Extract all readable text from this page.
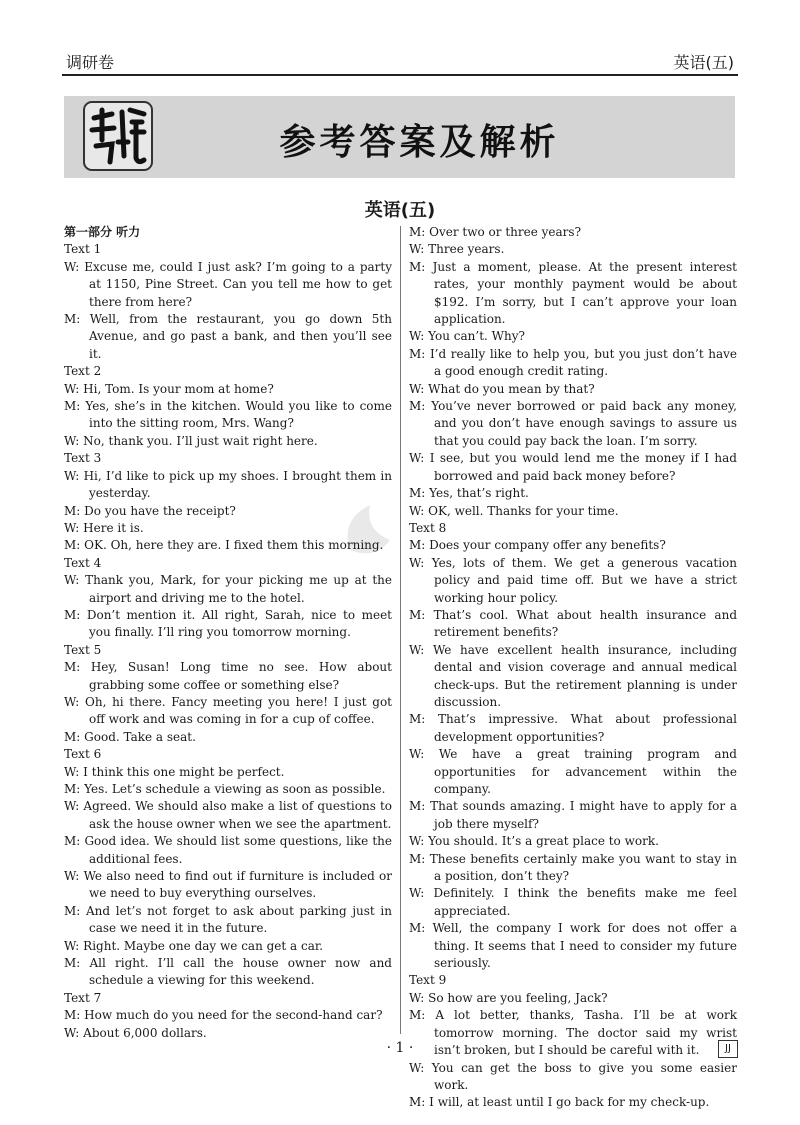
调研卷	英语(五)
参考答案及解析
英语(五)

第一部分 听力

Text 1

W: Excuse me, could I just ask? I’m going to a party at 1150, Pine Street. Can you tell me how to get there from here?

M: Well, from the restaurant, you go down 5th Avenue, and go past a bank, and then you’ll see it.

Text 2

W: Hi, Tom. Is your mom at home?

M: Yes, she’s in the kitchen. Would you like to come into the sitting room, Mrs. Wang?

W: No, thank you. I’ll just wait right here.

Text 3

W: Hi, I’d like to pick up my shoes. I brought them in yesterday.

M: Do you have the receipt?

W: Here it is.

M: OK. Oh, here they are. I fixed them this morning.

Text 4

W: Thank you, Mark, for your picking me up at the airport and driving me to the hotel.

M: Don’t mention it. All right, Sarah, nice to meet you finally. I’ll ring you tomorrow morning.

Text 5

M: Hey, Susan! Long time no see. How about grabbing some coffee or something else?

W: Oh, hi there. Fancy meeting you here! I just got off work and was coming in for a cup of coffee.

M: Good. Take a seat.

Text 6

W: I think this one might be perfect.

M: Yes. Let’s schedule a viewing as soon as possible.

W: Agreed. We should also make a list of questions to ask the house owner when we see the apartment.

M: Good idea. We should list some questions, like the additional fees.

W: We also need to find out if furniture is included or we need to buy everything ourselves.

M: And let’s not forget to ask about parking just in case we need it in the future.

W: Right. Maybe one day we can get a car.

M: All right. I’ll call the house owner now and schedule a viewing for this weekend.

Text 7

M: How much do you need for the second-hand car?

W: About 6,000 dollars.

M: Over two or three years?

W: Three years.

M: Just a moment, please. At the present interest rates, your monthly payment would be about $192. I’m sorry, but I can’t approve your loan application.

W: You can’t. Why?

M: I’d really like to help you, but you just don’t have a good enough credit rating.

W: What do you mean by that?

M: You’ve never borrowed or paid back any money, and you don’t have enough savings to assure us that you could pay back the loan. I’m sorry.

W: I see, but you would lend me the money if I had borrowed and paid back money before?

M: Yes, that’s right.

W: OK, well. Thanks for your time.

Text 8

M: Does your company offer any benefits?

W: Yes, lots of them. We get a generous vacation policy and paid time off. But we have a strict working hour policy.

M: That’s cool. What about health insurance and retirement benefits?

W: We have excellent health insurance, including dental and vision coverage and annual medical check-ups. But the retirement planning is under discussion.

M: That’s impressive. What about professional development opportunities?

W: We have a great training program and opportunities for advancement within the company.

M: That sounds amazing. I might have to apply for a job there myself?

W: You should. It’s a great place to work.

M: These benefits certainly make you want to stay in a position, don’t they?

W: Definitely. I think the benefits make me feel appreciated.

M: Well, the company I work for does not offer a thing. It seems that I need to consider my future seriously.

Text 9

W: So how are you feeling, Jack?

M: A lot better, thanks, Tasha. I’ll be at work tomorrow morning. The doctor said my wrist isn’t broken, but I should be careful with it.

W: You can get the boss to give you some easier work.

M: I will, at least until I go back for my check-up.

· 1 ·	JJ
